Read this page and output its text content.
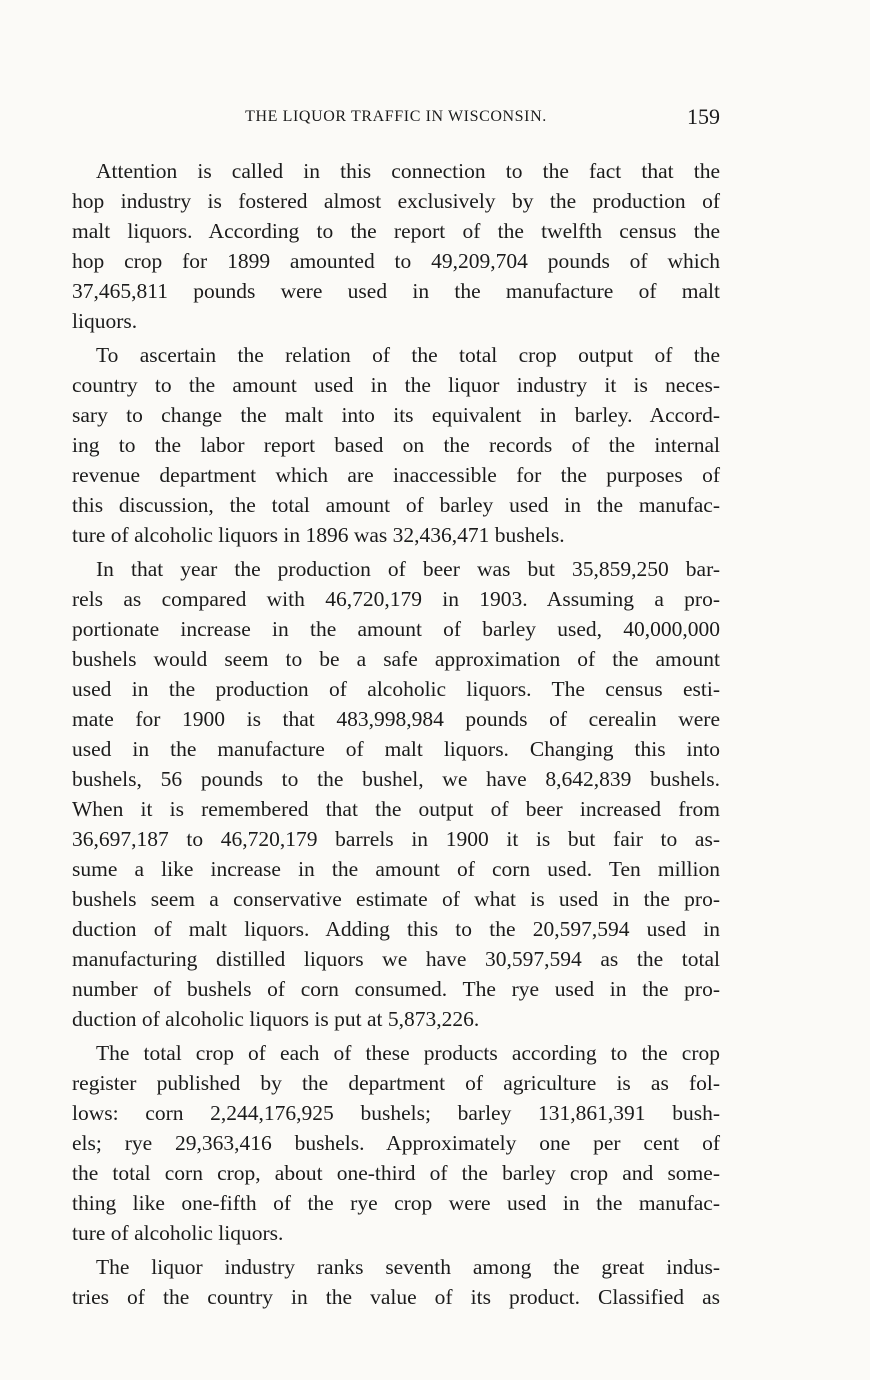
THE LIQUOR TRAFFIC IN WISCONSIN.	159
Attention is called in this connection to the fact that the
hop industry is fostered almost exclusively by the production of
malt liquors. According to the report of the twelfth census the
hop crop for 1899 amounted to 49,209,704 pounds of which
37,465,811 pounds were used in the manufacture of malt
liquors.
To ascertain the relation of the total crop output of the
country to the amount used in the liquor industry it is neces-
sary to change the malt into its equivalent in barley. Accord-
ing to the labor report based on the records of the internal
revenue department which are inaccessible for the purposes of
this discussion, the total amount of barley used in the manufac-
ture of alcoholic liquors in 1896 was 32,436,471 bushels.
In that year the production of beer was but 35,859,250 bar-
rels as compared with 46,720,179 in 1903. Assuming a pro-
portionate increase in the amount of barley used, 40,000,000
bushels would seem to be a safe approximation of the amount
used in the production of alcoholic liquors. The census esti-
mate for 1900 is that 483,998,984 pounds of cerealin were
used in the manufacture of malt liquors. Changing this into
bushels, 56 pounds to the bushel, we have 8,642,839 bushels.
When it is remembered that the output of beer increased from
36,697,187 to 46,720,179 barrels in 1900 it is but fair to as-
sume a like increase in the amount of corn used. Ten million
bushels seem a conservative estimate of what is used in the pro-
duction of malt liquors. Adding this to the 20,597,594 used in
manufacturing distilled liquors we have 30,597,594 as the total
number of bushels of corn consumed. The rye used in the pro-
duction of alcoholic liquors is put at 5,873,226.
The total crop of each of these products according to the crop
register published by the department of agriculture is as fol-
lows: corn 2,244,176,925 bushels; barley 131,861,391 bush-
els; rye 29,363,416 bushels. Approximately one per cent of
the total corn crop, about one-third of the barley crop and some-
thing like one-fifth of the rye crop were used in the manufac-
ture of alcoholic liquors.
The liquor industry ranks seventh among the great indus-
tries of the country in the value of its product. Classified as
